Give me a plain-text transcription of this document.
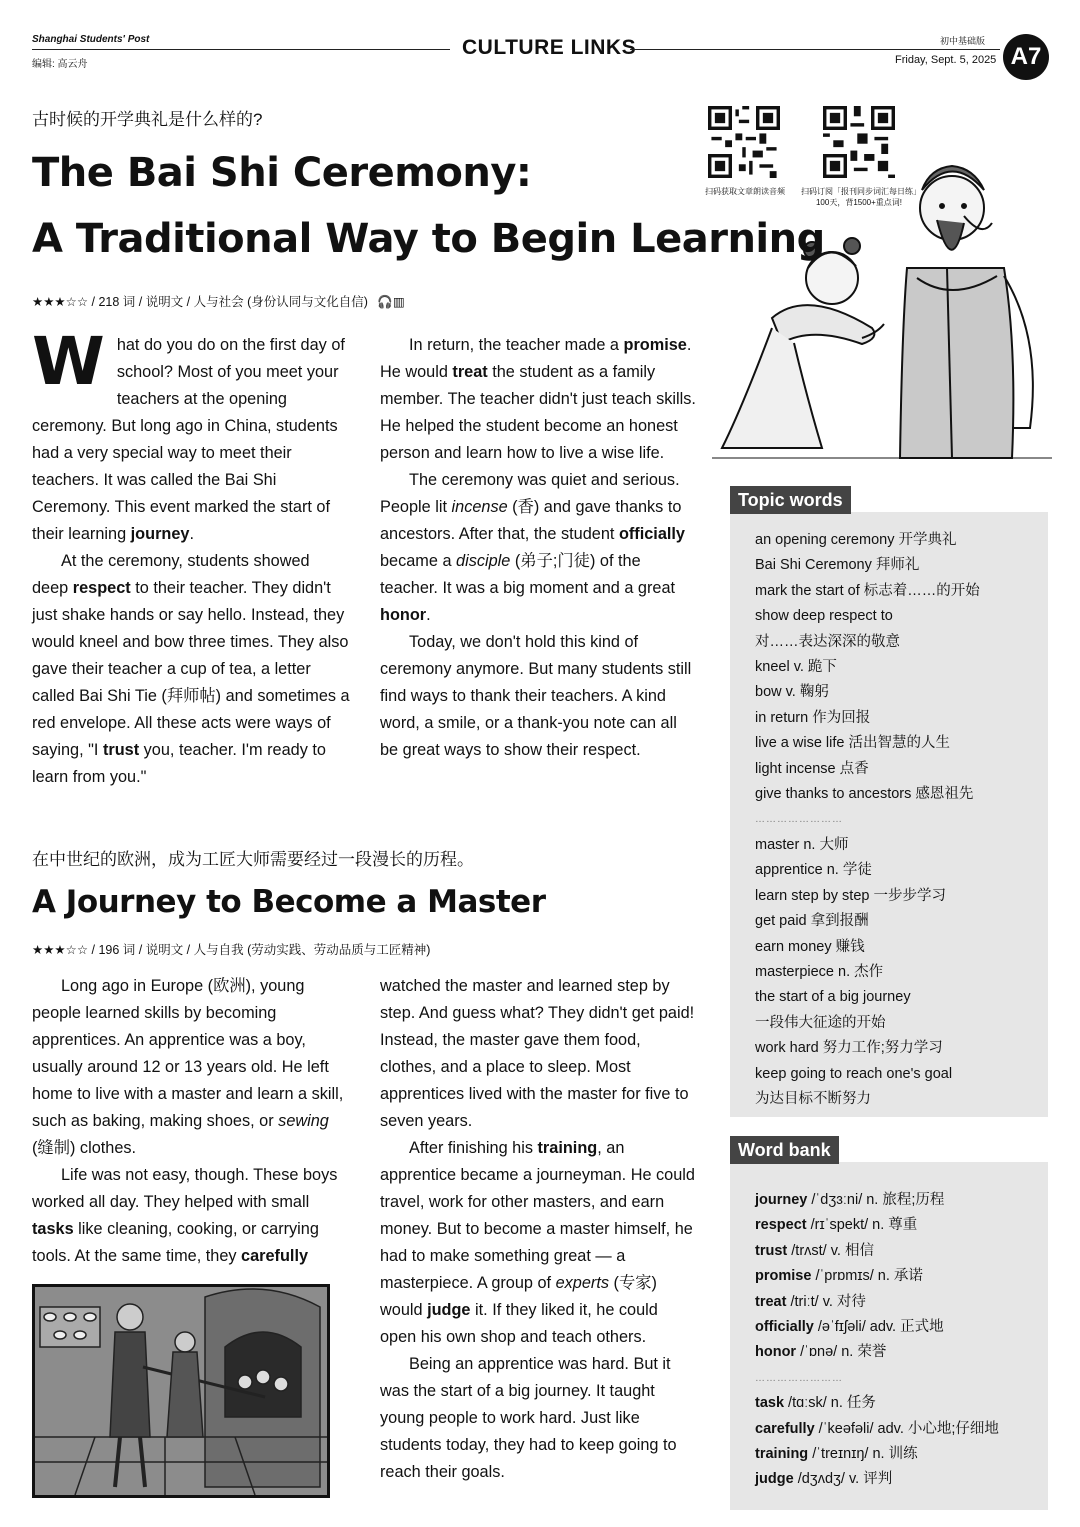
Shanghai Students' Post
编辑: 高云舟
CULTURE LINKS	初中基础版
Friday, Sept. 5, 2025 A7
扫码获取文章朗读音频	扫码订阅「报刊同步词汇每日练」100天，背1500+重点词!
古时候的开学典礼是什么样的?
The Bai Shi Ceremony:
A Traditional Way to Begin Learning
★★★☆☆ / 218 词 / 说明文 / 人与社会 (身份认同与文化自信) 🎧▥

What do you do on the first day of school? Most of you meet your teachers at the opening ceremony. But long ago in China, students had a very special way to meet their teachers. It was called the Bai Shi Ceremony. This event marked the start of their learning journey.

At the ceremony, students showed deep respect to their teacher. They didn't just shake hands or say hello. Instead, they would kneel and bow three times. They also gave their teacher a cup of tea, a letter called Bai Shi Tie (拜师帖) and sometimes a red envelope. All these acts were ways of saying, "I trust you, teacher. I'm ready to learn from you."

In return, the teacher made a promise. He would treat the student as a family member. The teacher didn't just teach skills. He helped the student become an honest person and learn how to live a wise life.

The ceremony was quiet and serious. People lit incense (香) and gave thanks to ancestors. After that, the student officially became a disciple (弟子;门徒) of the teacher. It was a big moment and a great honor.

Today, we don't hold this kind of ceremony anymore. But many students still find ways to thank their teachers. A kind word, a smile, or a thank-you note can all be great ways to show their respect.

在中世纪的欧洲，成为工匠大师需要经过一段漫长的历程。
A Journey to Become a Master
★★★☆☆ / 196 词 / 说明文 / 人与自我 (劳动实践、劳动品质与工匠精神)

Long ago in Europe (欧洲), young people learned skills by becoming apprentices. An apprentice was a boy, usually around 12 or 13 years old. He left home to live with a master and learn a skill, such as baking, making shoes, or sewing (缝制) clothes.

Life was not easy, though. These boys worked all day. They helped with small tasks like cleaning, cooking, or carrying tools. At the same time, they carefully

watched the master and learned step by step. And guess what? They didn't get paid! Instead, the master gave them food, clothes, and a place to sleep. Most apprentices lived with the master for five to seven years.

After finishing his training, an apprentice became a journeyman. He could travel, work for other masters, and earn money. But to become a master himself, he had to make something great — a masterpiece. A group of experts (专家) would judge it. If they liked it, he could open his own shop and teach others.

Being an apprentice was hard. But it was the start of a big journey. It taught young people to work hard. Just like students today, they had to keep going to reach their goals.

Topic words
an opening ceremony 开学典礼
Bai Shi Ceremony 拜师礼
mark the start of 标志着……的开始
show deep respect to
对……表达深深的敬意
kneel v. 跪下
bow v. 鞠躬
in return 作为回报
live a wise life 活出智慧的人生
light incense 点香
give thanks to ancestors 感恩祖先
……………………
master n. 大师
apprentice n. 学徒
learn step by step 一步步学习
get paid 拿到报酬
earn money 赚钱
masterpiece n. 杰作
the start of a big journey
一段伟大征途的开始
work hard 努力工作;努力学习
keep going to reach one's goal
为达目标不断努力
Word bank
journey /ˈdʒɜːni/ n. 旅程;历程
respect /rɪˈspekt/ n. 尊重
trust /trʌst/ v. 相信
promise /ˈprɒmɪs/ n. 承诺
treat /triːt/ v. 对待
officially /əˈfɪʃəli/ adv. 正式地
honor /ˈɒnə/ n. 荣誉
……………………
task /tɑːsk/ n. 任务
carefully /ˈkeəfəli/ adv. 小心地;仔细地
training /ˈtreɪnɪŋ/ n. 训练
judge /dʒʌdʒ/ v. 评判
